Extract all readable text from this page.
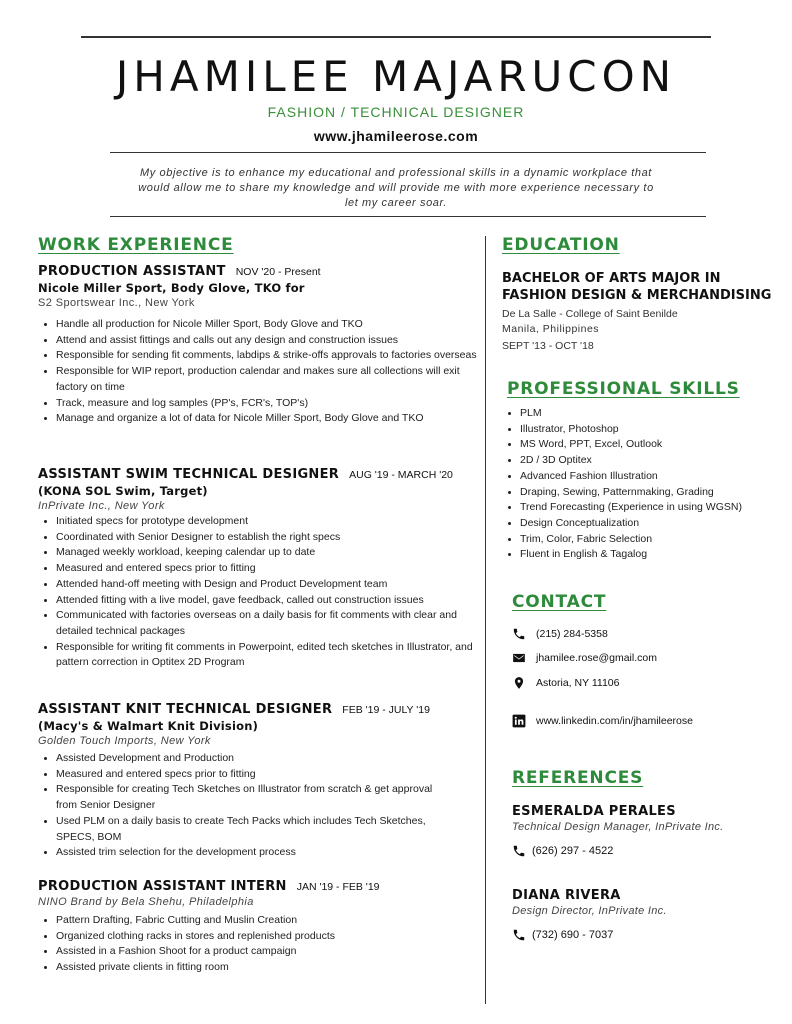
JHAMILEE MAJARUCON
FASHION / TECHNICAL DESIGNER
www.jhamileerose.com
My objective is to enhance my educational and professional skills in a dynamic workplace that would allow me to share my knowledge and will provide me with more experience necessary to let my career soar.
WORK EXPERIENCE
PRODUCTION ASSISTANT NOV '20 - Present
Nicole Miller Sport, Body Glove, TKO for
S2 Sportswear Inc., New York
• Handle all production for Nicole Miller Sport, Body Glove and TKO
• Attend and assist fittings and calls out any design and construction issues
• Responsible for sending fit comments, labdips & strike-offs approvals to factories overseas
• Responsible for WIP report, production calendar and makes sure all collections will exit factory on time
• Track, measure and log samples (PP's, FCR's, TOP's)
• Manage and organize a lot of data for Nicole Miller Sport, Body Glove and TKO
ASSISTANT SWIM TECHNICAL DESIGNER AUG '19 - MARCH '20
(KONA SOL Swim, Target)
InPrivate Inc., New York
• Initiated specs for prototype development
• Coordinated with Senior Designer to establish the right specs
• Managed weekly workload, keeping calendar up to date
• Measured and entered specs prior to fitting
• Attended hand-off meeting with Design and Product Development team
• Attended fitting with a live model, gave feedback, called out construction issues
• Communicated with factories overseas on a daily basis for fit comments with clear and detailed technical packages
• Responsible for writing fit comments in Powerpoint, edited tech sketches in Illustrator, and pattern correction in Optitex 2D Program
ASSISTANT KNIT TECHNICAL DESIGNER FEB '19 - JULY '19
(Macy's & Walmart Knit Division)
Golden Touch Imports, New York
• Assisted Development and Production
• Measured and entered specs prior to fitting
• Responsible for creating Tech Sketches on Illustrator from scratch & get approval from Senior Designer
• Used PLM on a daily basis to create Tech Packs which includes Tech Sketches, SPECS, BOM
• Assisted trim selection for the development process
PRODUCTION ASSISTANT INTERN JAN '19 - FEB '19
NINO Brand by Bela Shehu, Philadelphia
• Pattern Drafting, Fabric Cutting and Muslin Creation
• Organized clothing racks in stores and replenished products
• Assisted in a Fashion Shoot for a product campaign
• Assisted private clients in fitting room
EDUCATION
BACHELOR OF ARTS MAJOR IN
FASHION DESIGN & MERCHANDISING
De La Salle - College of Saint Benilde
Manila, Philippines
SEPT '13 - OCT '18
PROFESSIONAL SKILLS
• PLM
• Illustrator, Photoshop
• MS Word, PPT, Excel, Outlook
• 2D / 3D Optitex
• Advanced Fashion Illustration
• Draping, Sewing, Patternmaking, Grading
• Trend Forecasting (Experience in using WGSN)
• Design Conceptualization
• Trim, Color, Fabric Selection
• Fluent in English & Tagalog
CONTACT
(215) 284-5358
jhamilee.rose@gmail.com
Astoria, NY 11106
www.linkedin.com/in/jhamileerose
REFERENCES
ESMERALDA PERALES
Technical Design Manager, InPrivate Inc.
(626) 297 - 4522
DIANA RIVERA
Design Director, InPrivate Inc.
(732) 690 - 7037
